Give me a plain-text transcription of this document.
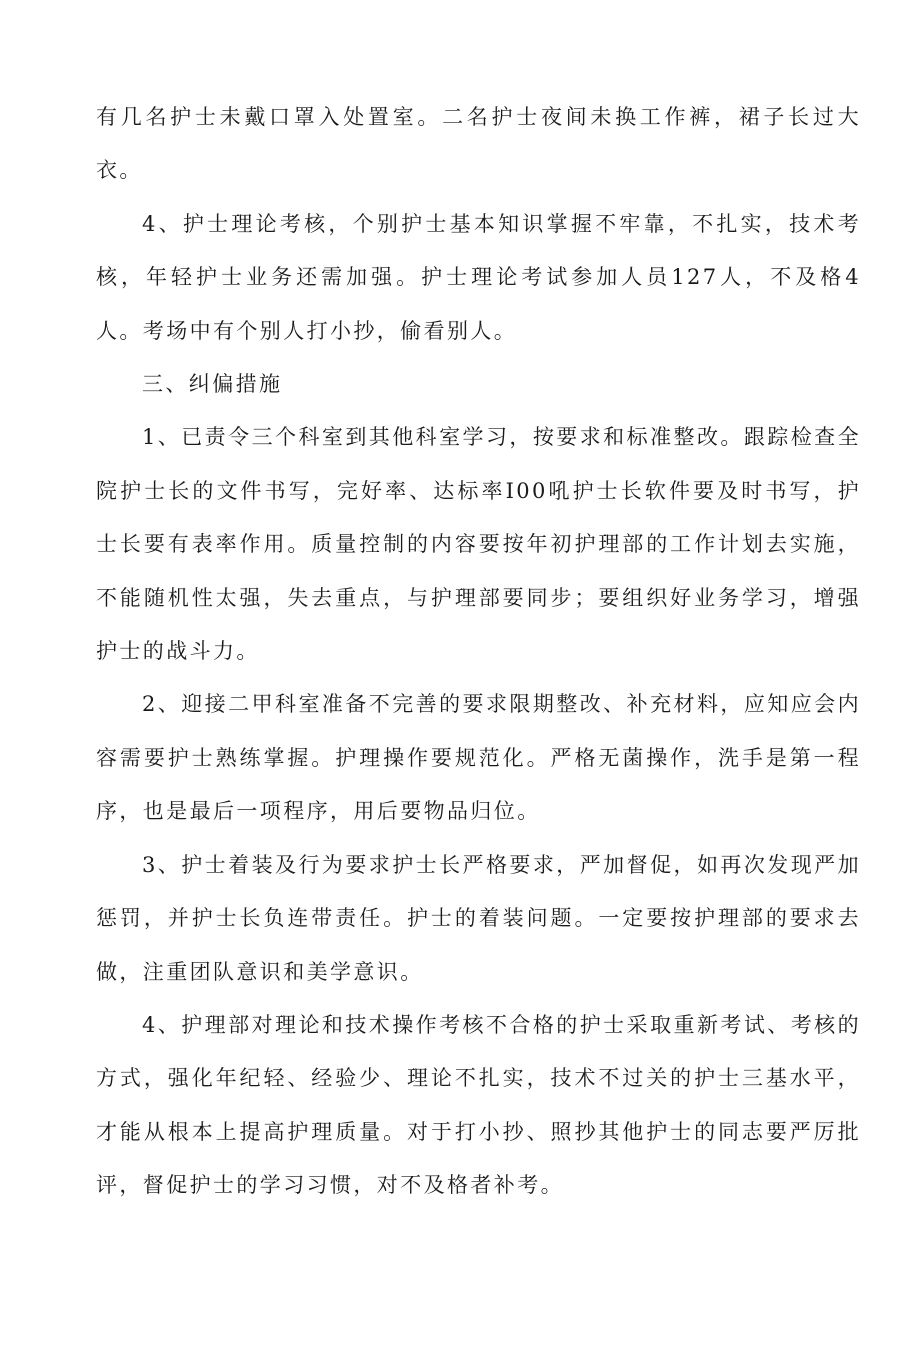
有几名护士未戴口罩入处置室。二名护士夜间未换工作裤，裙子长过大衣。

4、护士理论考核，个别护士基本知识掌握不牢靠，不扎实，技术考核，年轻护士业务还需加强。护士理论考试参加人员127人，不及格4人。考场中有个别人打小抄，偷看别人。

三、纠偏措施

1、已责令三个科室到其他科室学习，按要求和标准整改。跟踪检查全院护士长的文件书写，完好率、达标率I00吼护士长软件要及时书写，护士长要有表率作用。质量控制的内容要按年初护理部的工作计划去实施，不能随机性太强，失去重点，与护理部要同步；要组织好业务学习，增强护士的战斗力。

2、迎接二甲科室准备不完善的要求限期整改、补充材料，应知应会内容需要护士熟练掌握。护理操作要规范化。严格无菌操作，洗手是第一程序，也是最后一项程序，用后要物品归位。

3、护士着装及行为要求护士长严格要求，严加督促，如再次发现严加惩罚，并护士长负连带责任。护士的着装问题。一定要按护理部的要求去做，注重团队意识和美学意识。

4、护理部对理论和技术操作考核不合格的护士采取重新考试、考核的方式，强化年纪轻、经验少、理论不扎实，技术不过关的护士三基水平，才能从根本上提高护理质量。对于打小抄、照抄其他护士的同志要严厉批评，督促护士的学习习惯，对不及格者补考。
